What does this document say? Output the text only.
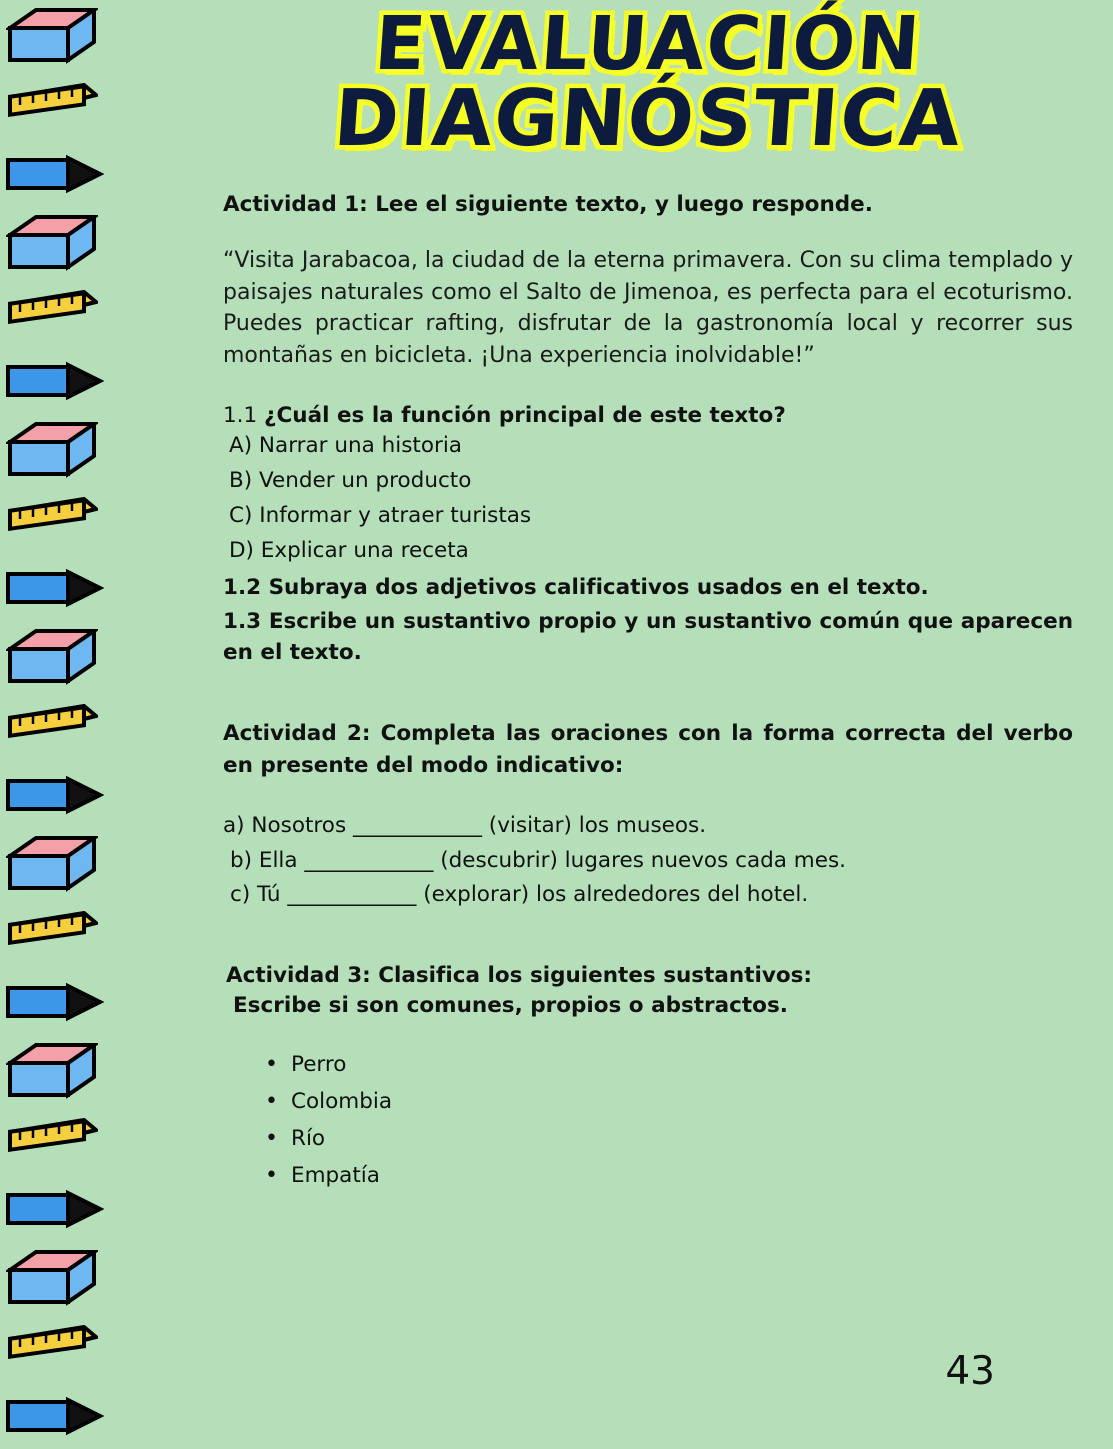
EVALUACIÓN
DIAGNÓSTICA
Actividad 1: Lee el siguiente texto, y luego responde.
“Visita Jarabacoa, la ciudad de la eterna primavera. Con su clima templado y paisajes naturales como el Salto de Jimenoa, es perfecta para el ecoturismo. Puedes practicar rafting, disfrutar de la gastronomía local y recorrer sus montañas en bicicleta. ¡Una experiencia inolvidable!”
1.1 ¿Cuál es la función principal de este texto?
A) Narrar una historia
B) Vender un producto
C) Informar y atraer turistas
D) Explicar una receta
1.2 Subraya dos adjetivos calificativos usados en el texto.
1.3 Escribe un sustantivo propio y un sustantivo común que aparecen en el texto.
Actividad 2: Completa las oraciones con la forma correcta del verbo en presente del modo indicativo:
a) Nosotros ____________ (visitar) los museos.
b) Ella ____________ (descubrir) lugares nuevos cada mes.
c) Tú ____________ (explorar) los alrededores del hotel.
Actividad 3: Clasifica los siguientes sustantivos:
Escribe si son comunes, propios o abstractos.
• Perro
• Colombia
• Río
• Empatía
43
